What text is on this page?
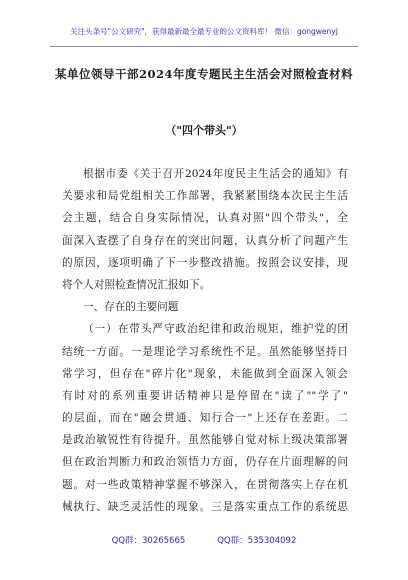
关注头条号"公文研究"，获得最新最全最专业的公文资料库！ 微信：gongwenyj
某单位领导干部2024年度专题民主生活会对照检查材料
（"四个带头"）
根据市委《关于召开2024年度民主生活会的通知》有
关要求和局党组相关工作部署，我紧紧围绕本次民主生活
会主题，结合自身实际情况，认真对照"四个带头"，全
面深入查摆了自身存在的突出问题，认真分析了问题产生
的原因，逐项明确了下一步整改措施。按照会议安排，现
将个人对照检查情况汇报如下。
一、存在的主要问题
（一）在带头严守政治纪律和政治规矩，维护党的团
结统一方面。一是理论学习系统性不足。虽然能够坚持日
常学习，但存在"碎片化"现象，未能做到全面深入领会
有时对的系列重要讲话精神只是停留在"读了""学了"
的层面，而在"融会贯通、知行合一"上还存在差距。二
是政治敏锐性有待提升。虽然能够自觉对标上级决策部署
但在政治判断力和政治领悟力方面，仍存在片面理解的问
题。对一些政策精神掌握不够深入，在贯彻落实上存在机
械执行、缺乏灵活性的现象。三是落实重点工作的系统思
QQ群：30265665	QQ群：535304092
